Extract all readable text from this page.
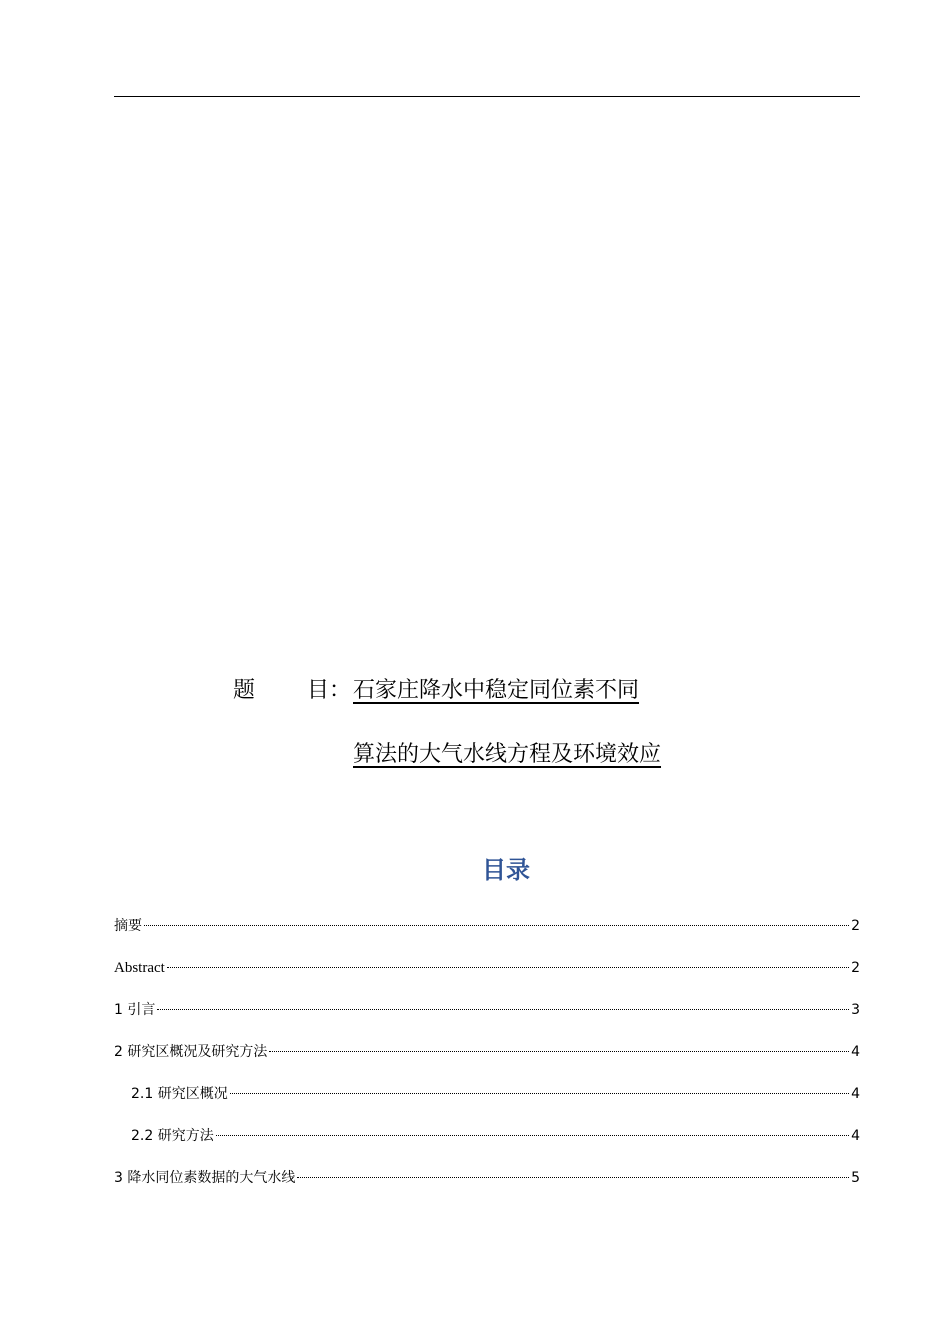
题 目： 石家庄降水中稳定同位素不同
算法的大气水线方程及环境效应
目录
摘要	2
Abstract	2
1 引言	3
2 研究区概况及研究方法	4
2.1 研究区概况	4
2.2 研究方法	4
3 降水同位素数据的大气水线	5
